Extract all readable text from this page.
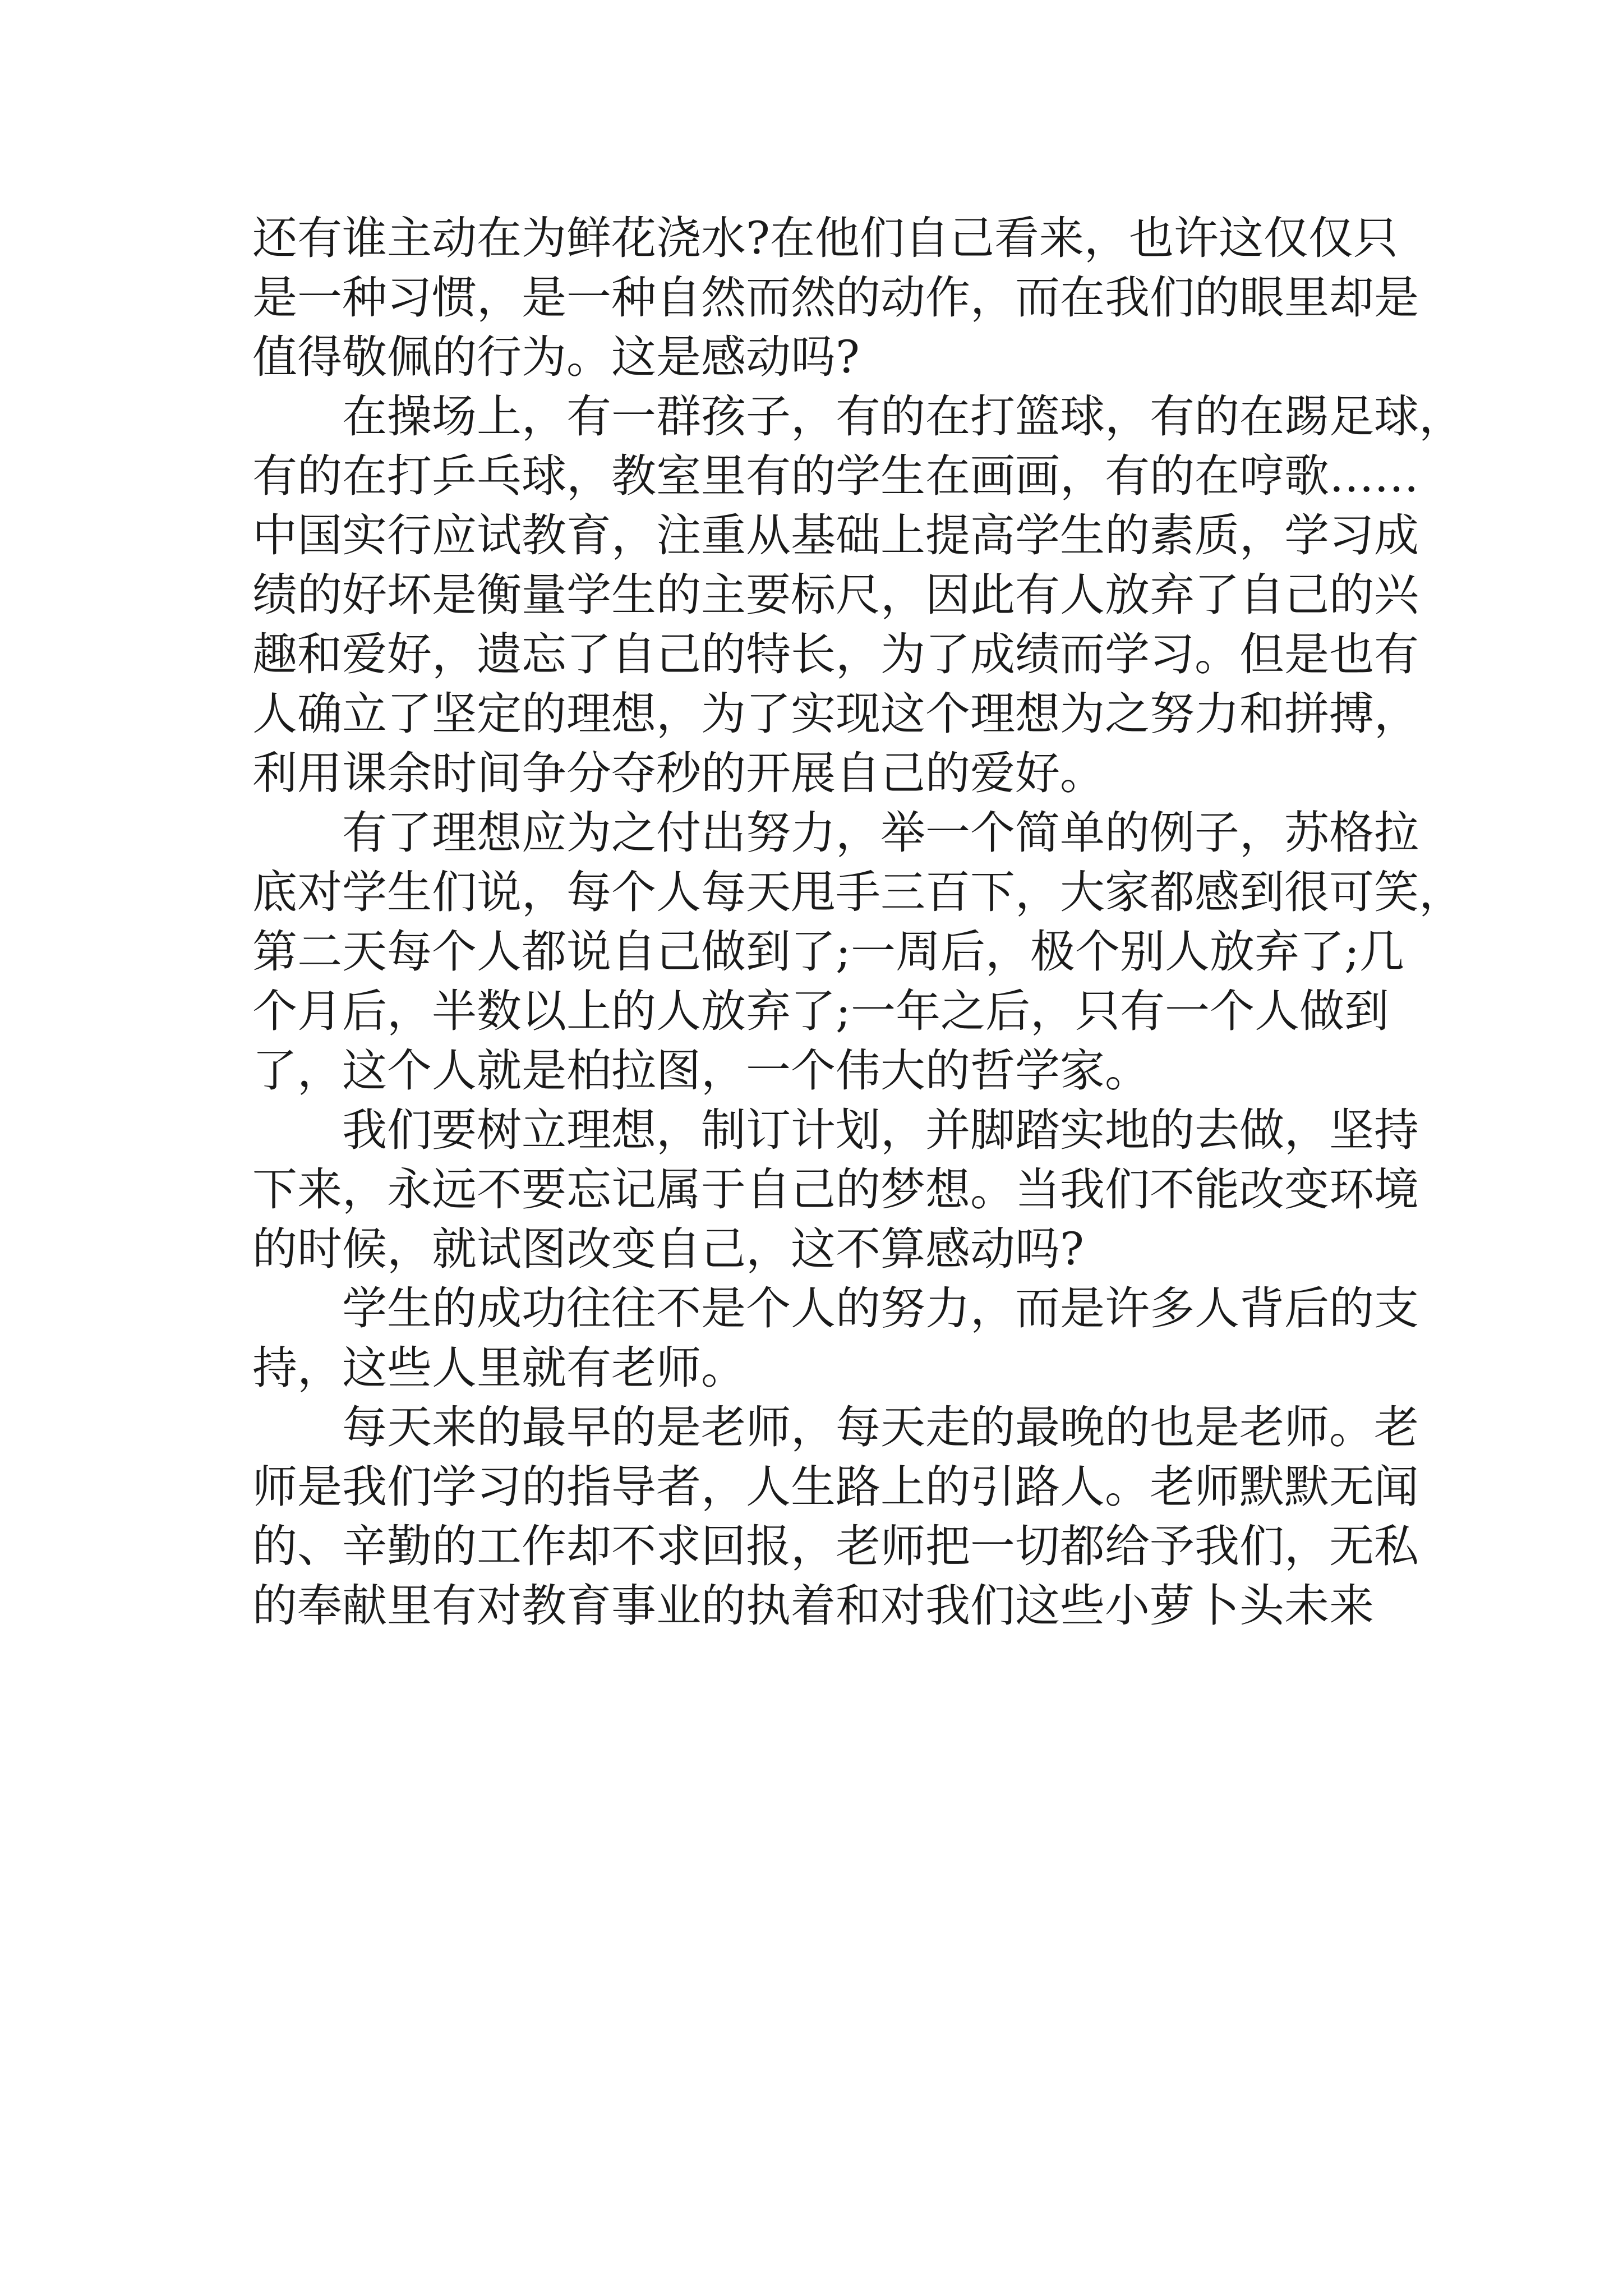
还有谁主动在为鲜花浇水?在他们自己看来，也许这仅仅只
是一种习惯，是一种自然而然的动作，而在我们的眼里却是
值得敬佩的行为。这是感动吗?

在操场上，有一群孩子，有的在打篮球，有的在踢足球，
有的在打乒乓球，教室里有的学生在画画，有的在哼歌……
中国实行应试教育，注重从基础上提高学生的素质，学习成
绩的好坏是衡量学生的主要标尺，因此有人放弃了自己的兴
趣和爱好，遗忘了自己的特长，为了成绩而学习。但是也有
人确立了坚定的理想，为了实现这个理想为之努力和拼搏，
利用课余时间争分夺秒的开展自己的爱好。

有了理想应为之付出努力，举一个简单的例子，苏格拉
底对学生们说，每个人每天甩手三百下，大家都感到很可笑，
第二天每个人都说自己做到了;一周后，极个别人放弃了;几
个月后，半数以上的人放弃了;一年之后，只有一个人做到
了，这个人就是柏拉图，一个伟大的哲学家。

我们要树立理想，制订计划，并脚踏实地的去做，坚持
下来，永远不要忘记属于自己的梦想。当我们不能改变环境
的时候，就试图改变自己，这不算感动吗?

学生的成功往往不是个人的努力，而是许多人背后的支
持，这些人里就有老师。

每天来的最早的是老师，每天走的最晚的也是老师。老
师是我们学习的指导者，人生路上的引路人。老师默默无闻
的、辛勤的工作却不求回报，老师把一切都给予我们，无私
的奉献里有对教育事业的执着和对我们这些小萝卜头未来
